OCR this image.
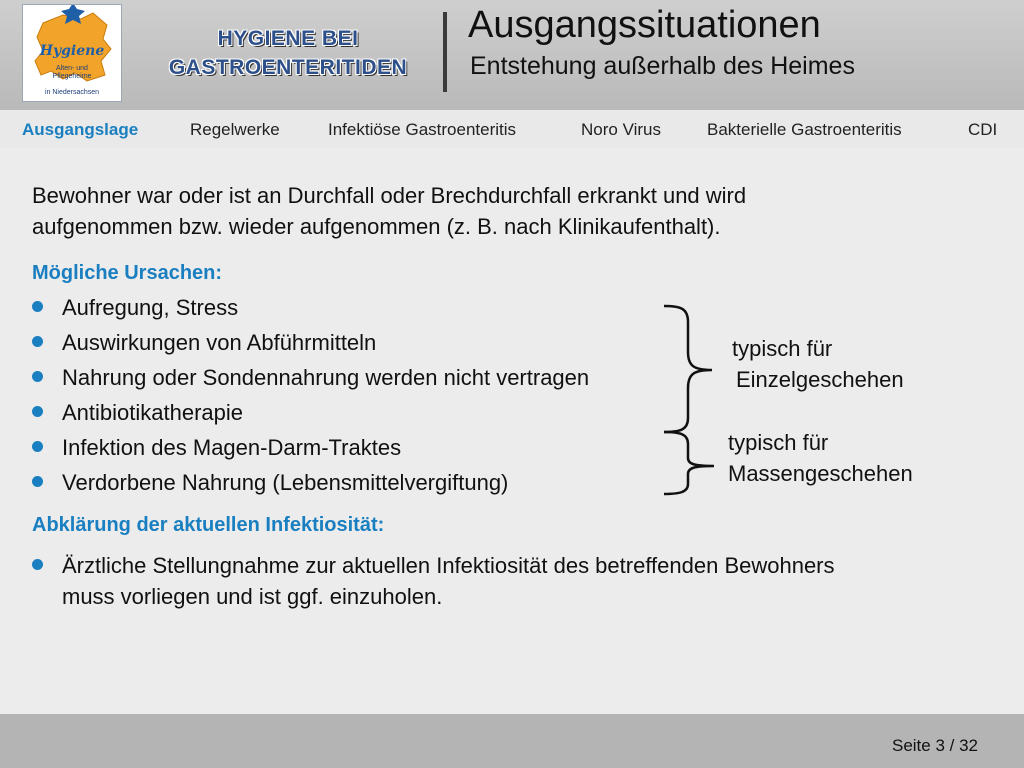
Hygiene
Alten- und
Pflegeheime
in Niedersachsen
HYGIENE BEI
GASTROENTERITIDEN
Ausgangssituationen
Entstehung außerhalb des Heimes
Ausgangslage	Regelwerke	Infektiöse Gastroenteritis	Noro Virus	Bakterielle Gastroenteritis	CDI
Bewohner war oder ist an Durchfall oder Brechdurchfall erkrankt und wird
aufgenommen bzw. wieder aufgenommen (z. B. nach Klinikaufenthalt).
Mögliche Ursachen:
Aufregung, Stress
Auswirkungen von Abführmitteln
Nahrung oder Sondennahrung werden nicht vertragen
Antibiotikatherapie
Infektion des Magen-Darm-Traktes
Verdorbene Nahrung (Lebensmittelvergiftung)
Abklärung der aktuellen Infektiosität:
Ärztliche Stellungnahme zur aktuellen Infektiosität des betreffenden Bewohners
muss vorliegen und ist ggf. einzuholen.
typisch für
Einzelgeschehen
typisch für
Massengeschehen
Seite 3 / 32
